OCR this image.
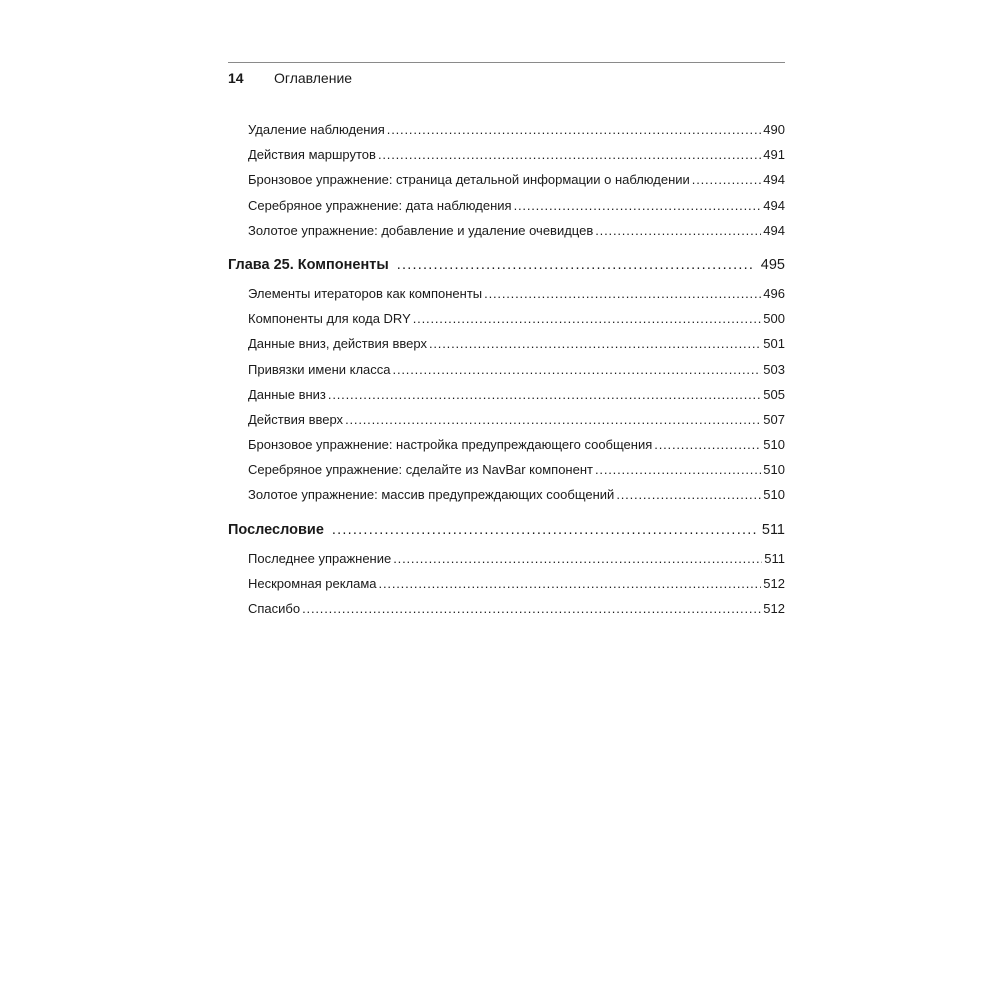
14	Оглавление
Удаление наблюдения . . .	490
Действия маршрутов . . .	491
Бронзовое упражнение: страница детальной информации о наблюдении . . .	494
Серебряное упражнение: дата наблюдения . . .	494
Золотое упражнение: добавление и удаление очевидцев . . .	494
Глава 25. Компоненты . . .	495
Элементы итераторов как компоненты . . .	496
Компоненты для кода DRY . . .	500
Данные вниз, действия вверх . . .	501
Привязки имени класса . . .	503
Данные вниз . . .	505
Действия вверх . . .	507
Бронзовое упражнение: настройка предупреждающего сообщения . . .	510
Серебряное упражнение: сделайте из NavBar компонент . . .	510
Золотое упражнение: массив предупреждающих сообщений . . .	510
Послесловие . . .	511
Последнее упражнение . . .	511
Нескромная реклама . . .	512
Спасибо . . .	512
